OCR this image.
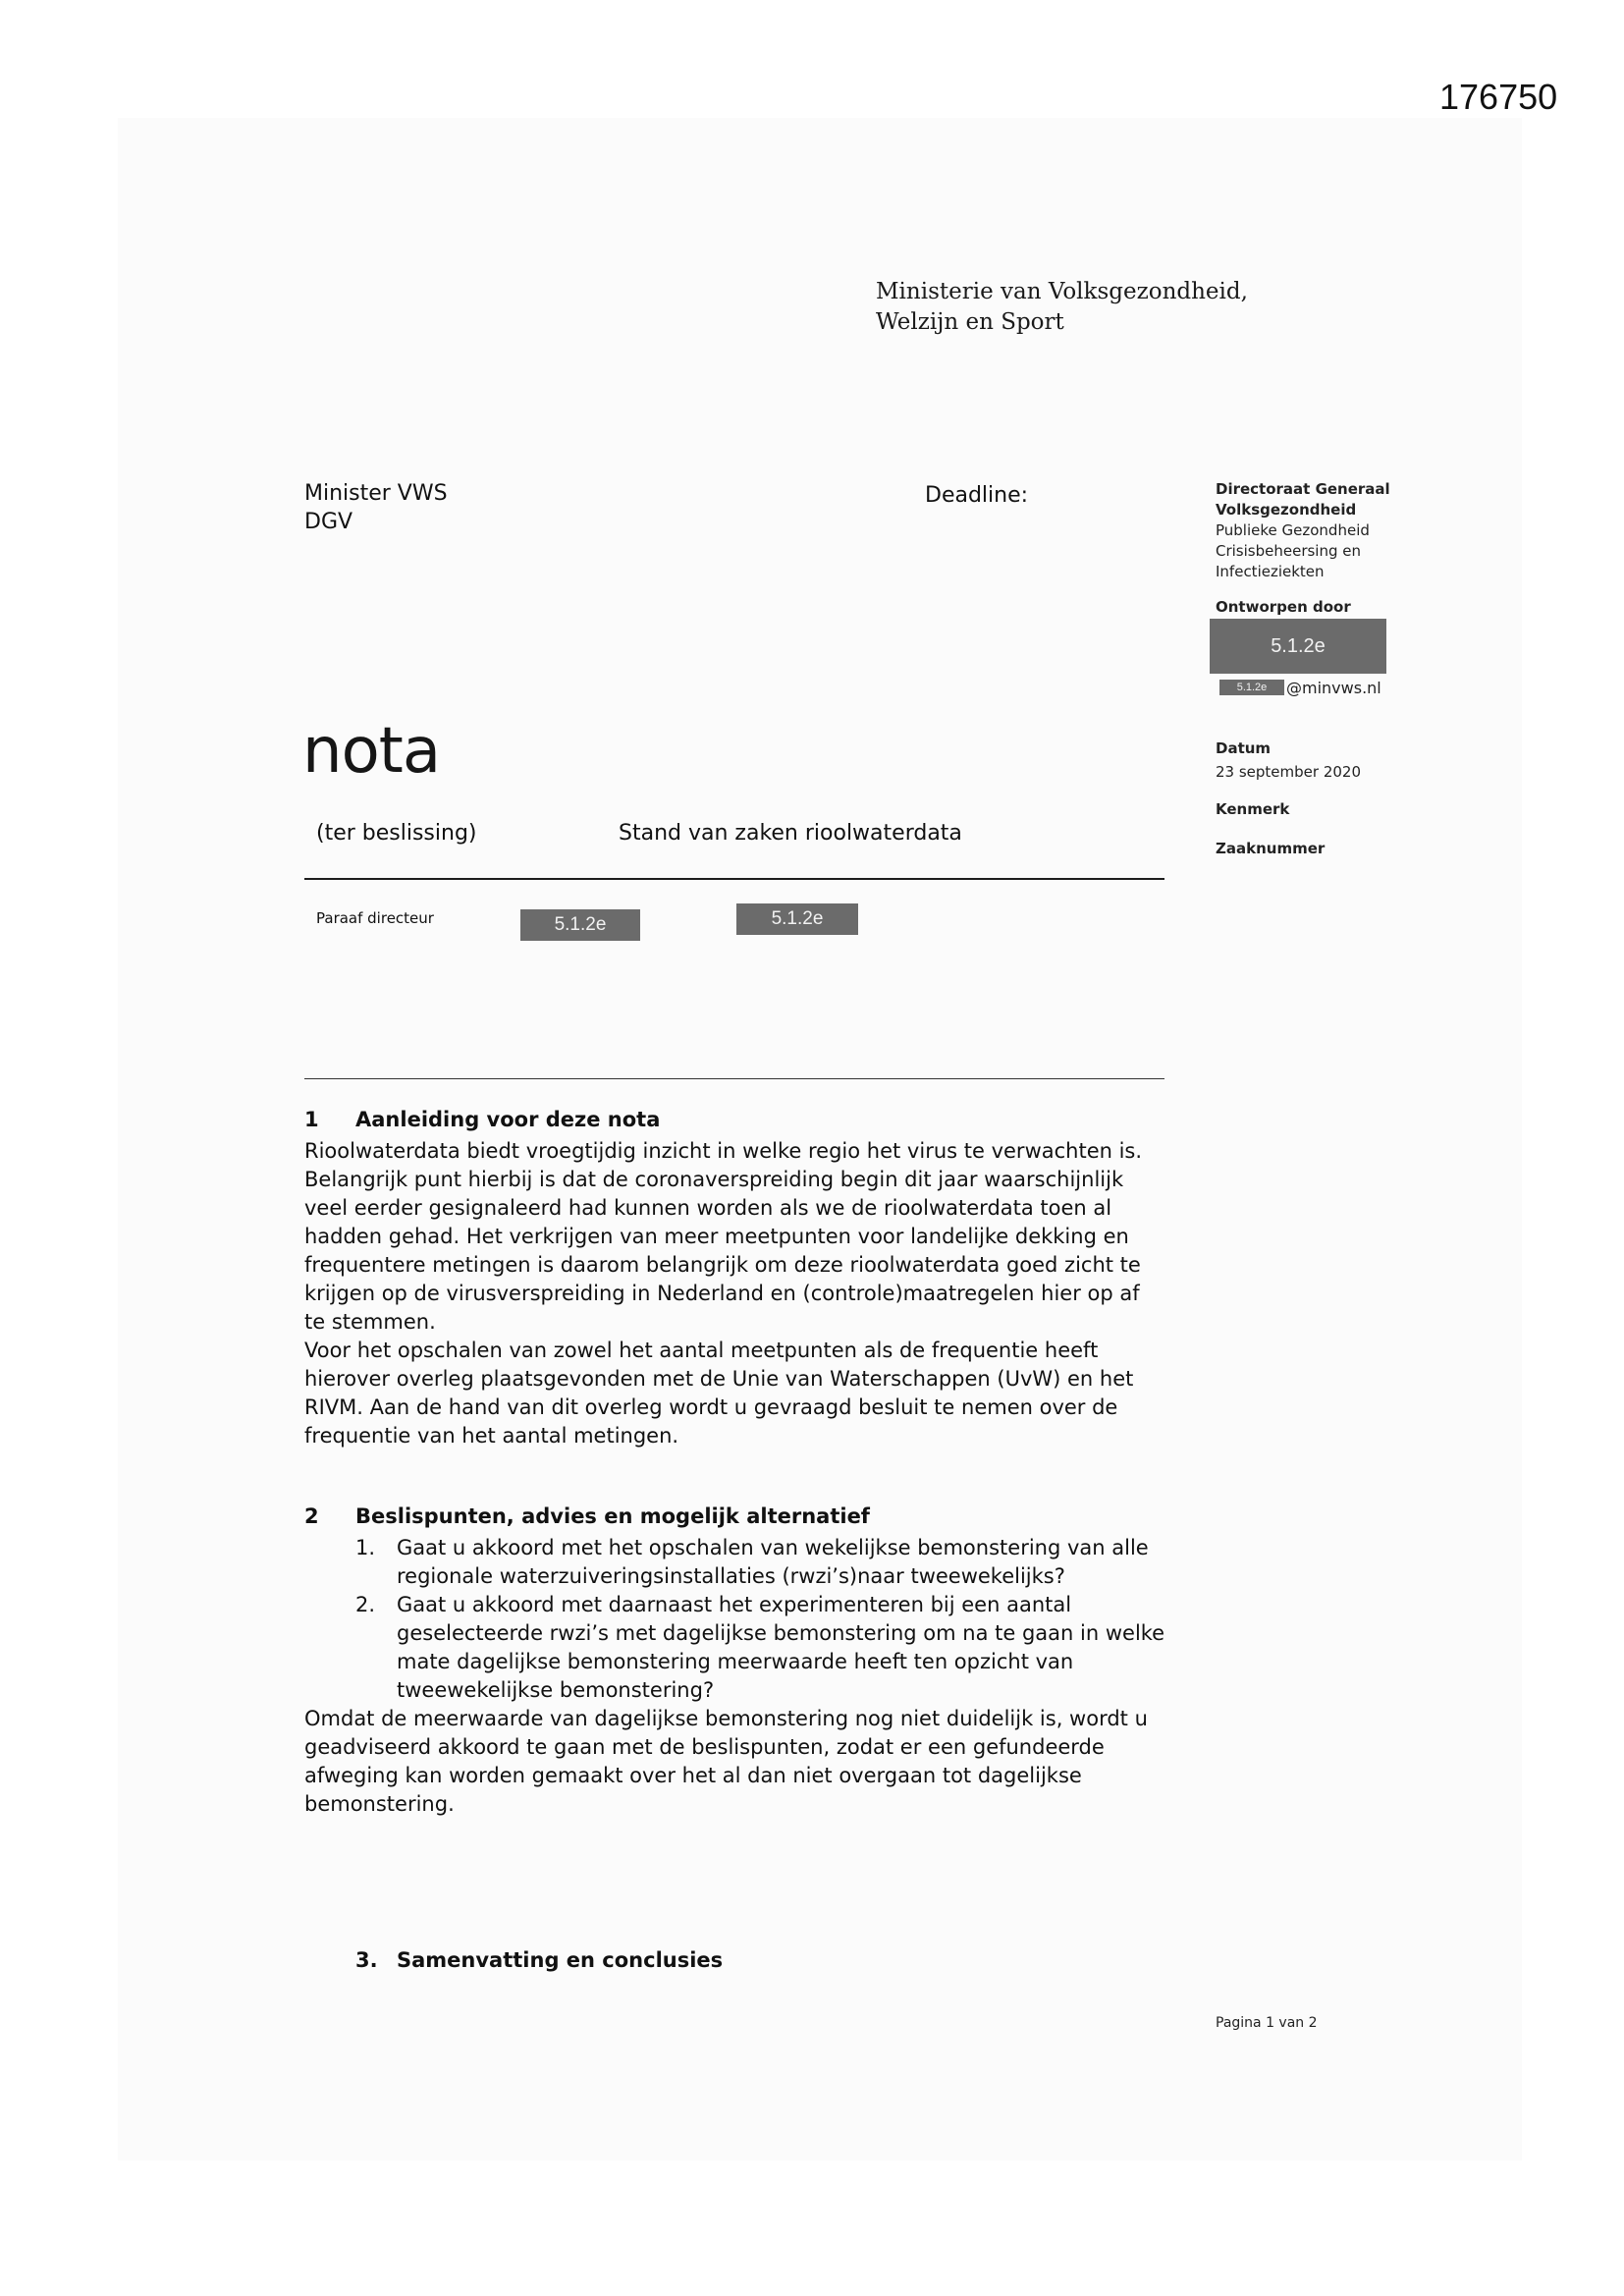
176750
Ministerie van Volksgezondheid,
Welzijn en Sport
Minister VWS
DGV
Deadline:	Directoraat Generaal
Volksgezondheid
Publieke Gezondheid
Crisisbeheersing en
Infectieziekten
Ontworpen door
5.1.2e
5.1.2e	@minvws.nl
Datum
23 september 2020
Kenmerk
Zaaknummer
nota
(ter beslissing)	Stand van zaken rioolwaterdata
Paraaf directeur	5.1.2e	5.1.2e
1 Aanleiding voor deze nota

Rioolwaterdata biedt vroegtijdig inzicht in welke regio het virus te verwachten is.

Belangrijk punt hierbij is dat de coronaverspreiding begin dit jaar waarschijnlijk

veel eerder gesignaleerd had kunnen worden als we de rioolwaterdata toen al

hadden gehad. Het verkrijgen van meer meetpunten voor landelijke dekking en

frequentere metingen is daarom belangrijk om deze rioolwaterdata goed zicht te

krijgen op de virusverspreiding in Nederland en (controle)maatregelen hier op af

te stemmen.

Voor het opschalen van zowel het aantal meetpunten als de frequentie heeft

hierover overleg plaatsgevonden met de Unie van Waterschappen (UvW) en het

RIVM. Aan de hand van dit overleg wordt u gevraagd besluit te nemen over de

frequentie van het aantal metingen.

2 Beslispunten, advies en mogelijk alternatief
1. Gaat u akkoord met het opschalen van wekelijkse bemonstering van alle
regionale waterzuiveringsinstallaties (rwzi’s)naar tweewekelijks?
2. Gaat u akkoord met daarnaast het experimenteren bij een aantal
geselecteerde rwzi’s met dagelijkse bemonstering om na te gaan in welke
mate dagelijkse bemonstering meerwaarde heeft ten opzicht van
tweewekelijkse bemonstering?

Omdat de meerwaarde van dagelijkse bemonstering nog niet duidelijk is, wordt u

geadviseerd akkoord te gaan met de beslispunten, zodat er een gefundeerde

afweging kan worden gemaakt over het al dan niet overgaan tot dagelijkse

bemonstering.

3. Samenvatting en conclusies
Pagina 1 van 2
